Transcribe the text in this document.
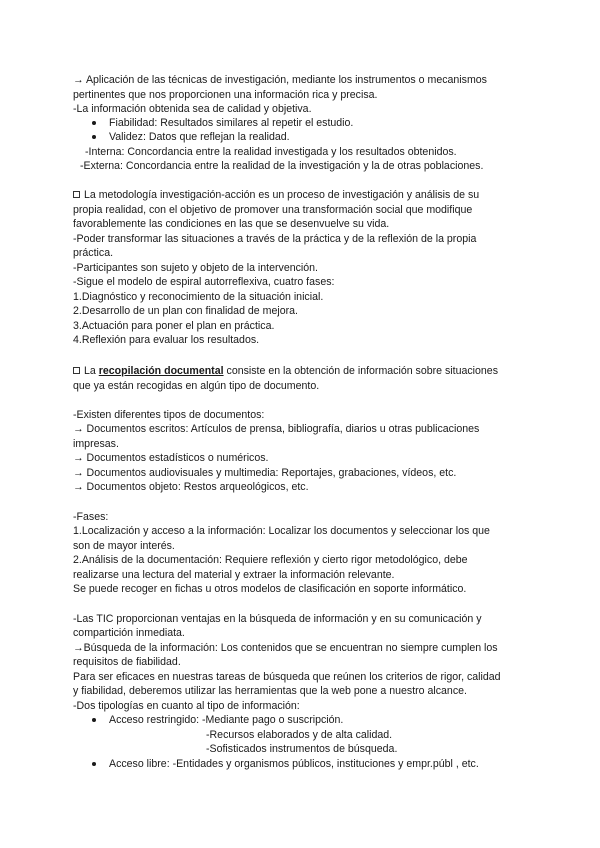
→ Aplicación de las técnicas de investigación, mediante los instrumentos o mecanismos
pertinentes que nos proporcionen una información rica y precisa.
-La información obtenida sea de calidad y objetiva.
Fiabilidad: Resultados similares al repetir el estudio.
Validez: Datos que reflejan la realidad.
-Interna: Concordancia entre la realidad investigada y los resultados obtenidos.
-Externa: Concordancia entre la realidad de la investigación y la de otras poblaciones.
La metodología investigación-acción es un proceso de investigación y análisis de su
propia realidad, con el objetivo de promover una transformación social que modifique
favorablemente las condiciones en las que se desenvuelve su vida.
-Poder transformar las situaciones a través de la práctica y de la reflexión de la propia
práctica.
-Participantes son sujeto y objeto de la intervención.
-Sigue el modelo de espiral autorreflexiva, cuatro fases:
1.Diagnóstico y reconocimiento de la situación inicial.
2.Desarrollo de un plan con finalidad de mejora.
3.Actuación para poner el plan en práctica.
4.Reflexión para evaluar los resultados.
La recopilación documental consiste en la obtención de información sobre situaciones
que ya están recogidas en algún tipo de documento.
-Existen diferentes tipos de documentos:
→ Documentos escritos: Artículos de prensa, bibliografía, diarios u otras publicaciones
impresas.
→ Documentos estadísticos o numéricos.
→ Documentos audiovisuales y multimedia: Reportajes, grabaciones, vídeos, etc.
→ Documentos objeto: Restos arqueológicos, etc.
-Fases:
1.Localización y acceso a la información: Localizar los documentos y seleccionar los que
son de mayor interés.
2.Análisis de la documentación: Requiere reflexión y cierto rigor metodológico, debe
realizarse una lectura del material y extraer la información relevante.
Se puede recoger en fichas u otros modelos de clasificación en soporte informático.
-Las TIC proporcionan ventajas en la búsqueda de información y en su comunicación y
compartición inmediata.
→Búsqueda de la información: Los contenidos que se encuentran no siempre cumplen los
requisitos de fiabilidad.
Para ser eficaces en nuestras tareas de búsqueda que reúnen los criterios de rigor, calidad
y fiabilidad, deberemos utilizar las herramientas que la web pone a nuestro alcance.
-Dos tipologías en cuanto al tipo de información:
Acceso restringido: -Mediante pago o suscripción.
-Recursos elaborados y de alta calidad.
-Sofisticados instrumentos de búsqueda.
Acceso libre: -Entidades y organismos públicos, instituciones y empr.públ , etc.
